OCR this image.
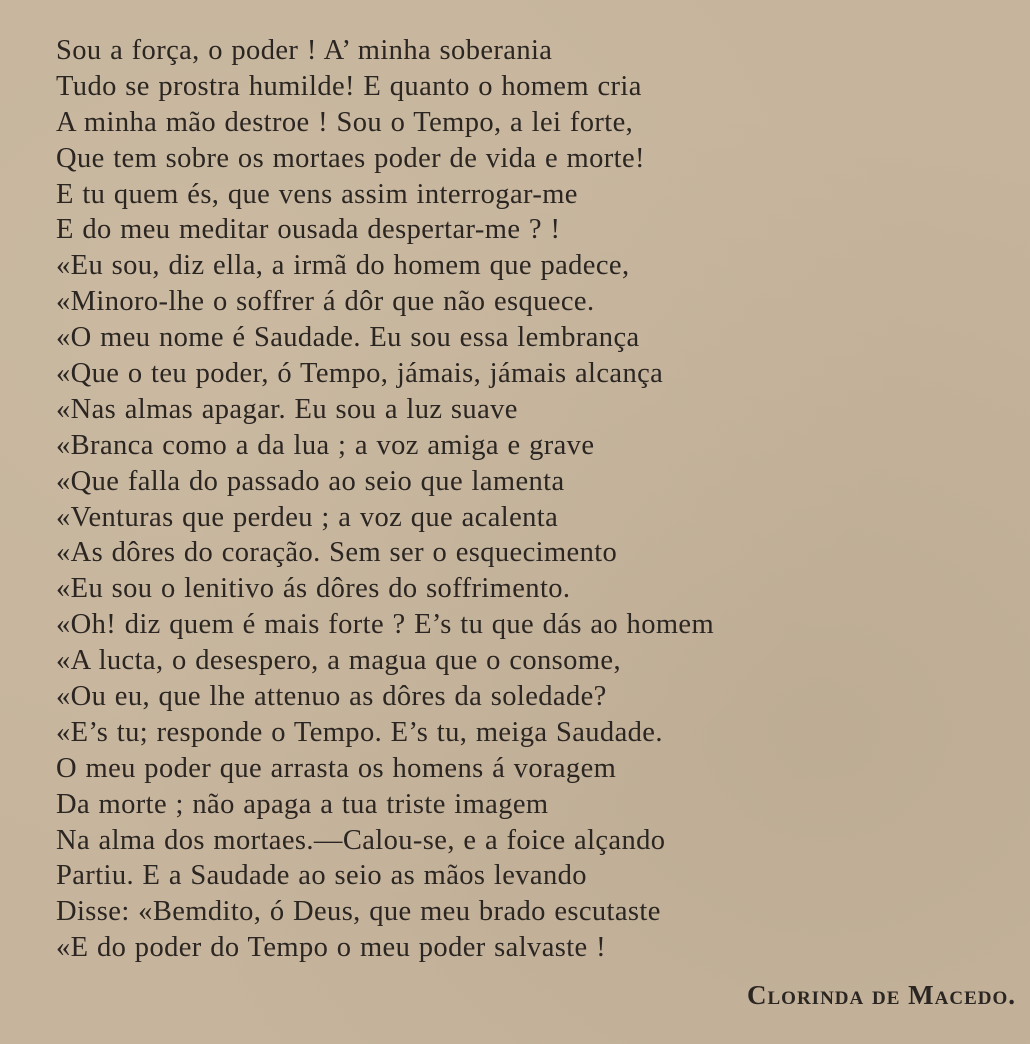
Sou a força, o poder ! A’ minha soberania
Tudo se prostra humilde! E quanto o homem cria
A minha mão destroe ! Sou o Tempo, a lei forte,
Que tem sobre os mortaes poder de vida e morte!
E tu quem és, que vens assim interrogar-me
E do meu meditar ousada despertar-me ? !
«Eu sou, diz ella, a irmã do homem que padece,
«Minoro-lhe o soffrer á dôr que não esquece.
«O meu nome é Saudade. Eu sou essa lembrança
«Que o teu poder, ó Tempo, jámais, jámais alcança
«Nas almas apagar. Eu sou a luz suave
«Branca como a da lua ; a voz amiga e grave
«Que falla do passado ao seio que lamenta
«Venturas que perdeu ; a voz que acalenta
«As dôres do coração. Sem ser o esquecimento
«Eu sou o lenitivo ás dôres do soffrimento.
«Oh! diz quem é mais forte ? E’s tu que dás ao homem
«A lucta, o desespero, a magua que o consome,
«Ou eu, que lhe attenuo as dôres da soledade?
«E’s tu; responde o Tempo. E’s tu, meiga Saudade.
O meu poder que arrasta os homens á voragem
Da morte ; não apaga a tua triste imagem
Na alma dos mortaes.—Calou-se, e a foice alçando
Partiu. E a Saudade ao seio as mãos levando
Disse: «Bemdito, ó Deus, que meu brado escutaste
«E do poder do Tempo o meu poder salvaste !
Clorinda de Macedo.
